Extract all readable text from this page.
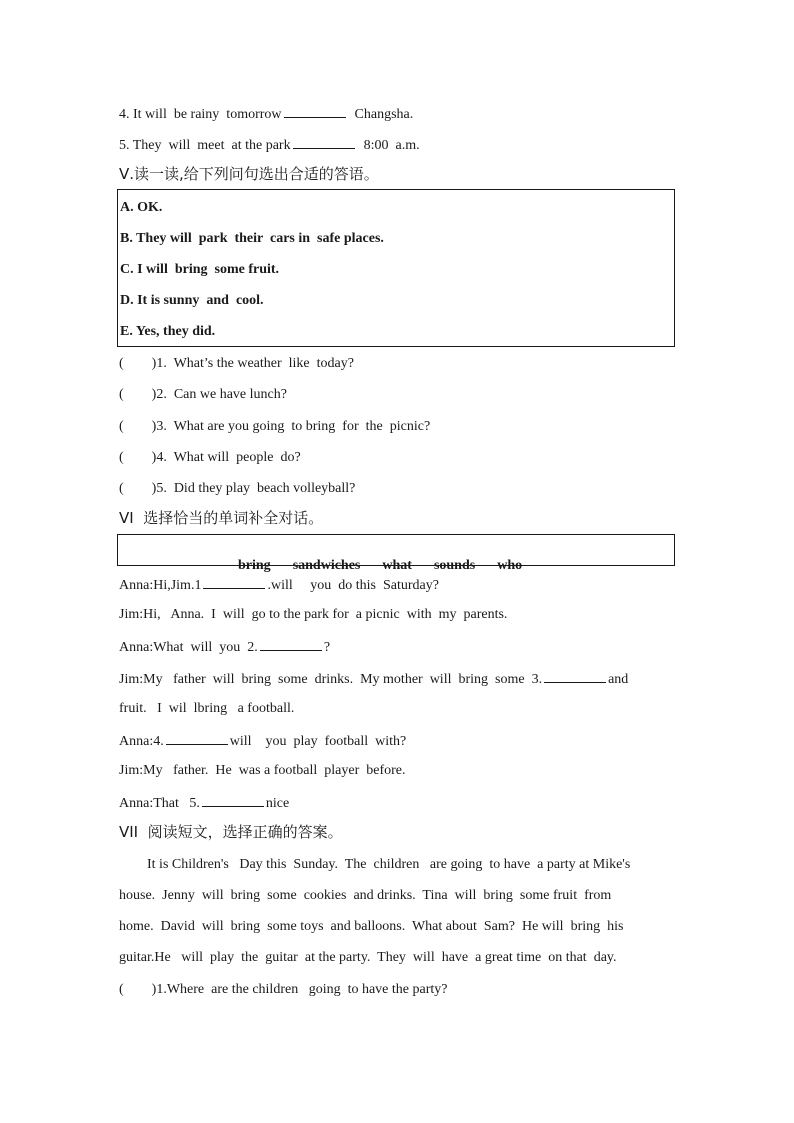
4. It will  be rainy  tomorrow	Changsha.
5. They  will  meet  at the park	8:00  a.m.
Ⅴ.读一读,给下列问句选出合适的答语。
A. OK.
B. They will  park  their  cars in  safe places.
C. I will  bring  some fruit.
D. It is sunny  and  cool.
E. Yes, they did.
(        )1.  What’s the weather  like  today?
(        )2.  Can we have lunch?
(        )3.  What are you going  to bring  for  the  picnic?
(        )4.  What will  people  do?
(        )5.  Did they play  beach volleyball?
VI  选择恰当的单词补全对话。

bring sandwiches what sounds who

Anna:Hi,Jim.1	.will     you  do this  Saturday?
Jim:Hi,   Anna.  I  will  go to the park for  a picnic  with  my  parents.
Anna:What  will  you  2.	?
Jim:My   father  will  bring  some  drinks.  My mother  will  bring  some  3.	and
fruit.   I  wil  lbring   a football.
Anna:4.	will    you  play  football  with?
Jim:My   father.  He  was a football  player  before.
Anna:That   5.	nice
VII  阅读短文，选择正确的答案。
It is Children's   Day this  Sunday.  The  children   are going  to have  a party at Mike's
house.  Jenny  will  bring  some  cookies  and drinks.  Tina  will  bring  some fruit  from
home.  David  will  bring  some toys  and balloons.  What about  Sam?  He will  bring  his
guitar.He   will  play  the  guitar  at the party.  They  will  have  a great time  on that  day.
(        )1.Where  are the children   going  to have the party?
